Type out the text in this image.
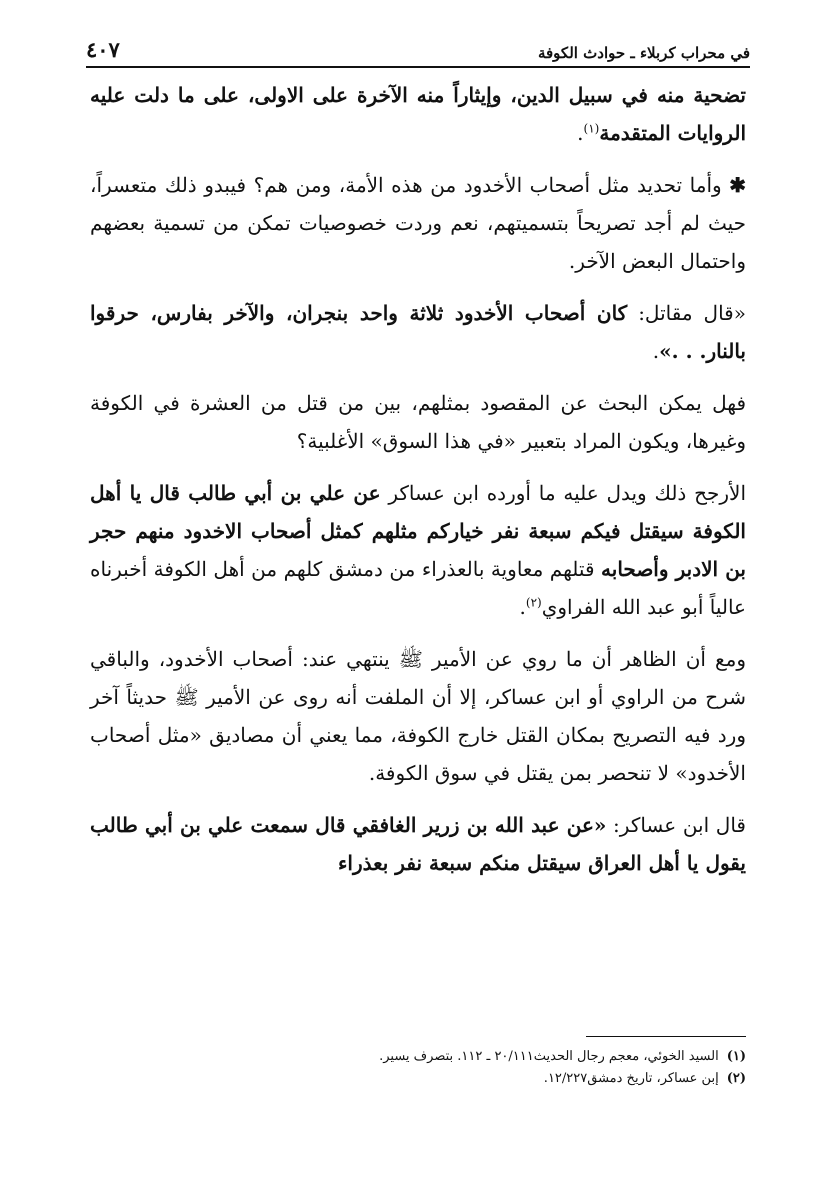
في محراب كربلاء ـ حوادث الكوفة
٤٠٧

تضحية منه في سبيل الدين، وإيثاراً منه الآخرة على الاولى، على ما دلت عليه الروايات المتقدمة$^{(١)}$.

✱ وأما تحديد مثل أصحاب الأخدود من هذه الأمة، ومن هم؟ فيبدو ذلك متعسراً، حيث لم أجد تصريحاً بتسميتهم، نعم وردت خصوصيات تمكن من تسمية بعضهم واحتمال البعض الآخر.

«قال مقاتل: كان أصحاب الأخدود ثلاثة واحد بنجران، والآخر بفارس، حرقوا بالنار. . .».

فهل يمكن البحث عن المقصود بمثلهم، بين من قتل من العشرة في الكوفة وغيرها، ويكون المراد بتعبير «في هذا السوق» الأغلبية؟

الأرجح ذلك ويدل عليه ما أورده ابن عساكر عن علي بن أبي طالب قال يا أهل الكوفة سيقتل فيكم سبعة نفر خياركم مثلهم كمثل أصحاب الاخدود منهم حجر بن الادبر وأصحابه قتلهم معاوية بالعذراء من دمشق كلهم من أهل الكوفة أخبرناه عالياً أبو عبد الله الفراوي$^{(٢)}$.

ومع أن الظاهر أن ما روي عن الأمير ﷺ ينتهي عند: أصحاب الأخدود، والباقي شرح من الراوي أو ابن عساكر، إلا أن الملفت أنه روى عن الأمير ﷺ حديثاً آخر ورد فيه التصريح بمكان القتل خارج الكوفة، مما يعني أن مصاديق «مثل أصحاب الأخدود» لا تنحصر بمن يقتل في سوق الكوفة.

قال ابن عساكر: «عن عبد الله بن زرير الغافقي قال سمعت علي بن أبي طالب يقول يا أهل العراق سيقتل منكم سبعة نفر بعذراء

(١)
السيد الخوئي، معجم رجال الحديث٢٠/١١١ ـ ١١٢. بتصرف يسير.
(٢)
إبن عساكر، تاريخ دمشق١٢/٢٢٧.
